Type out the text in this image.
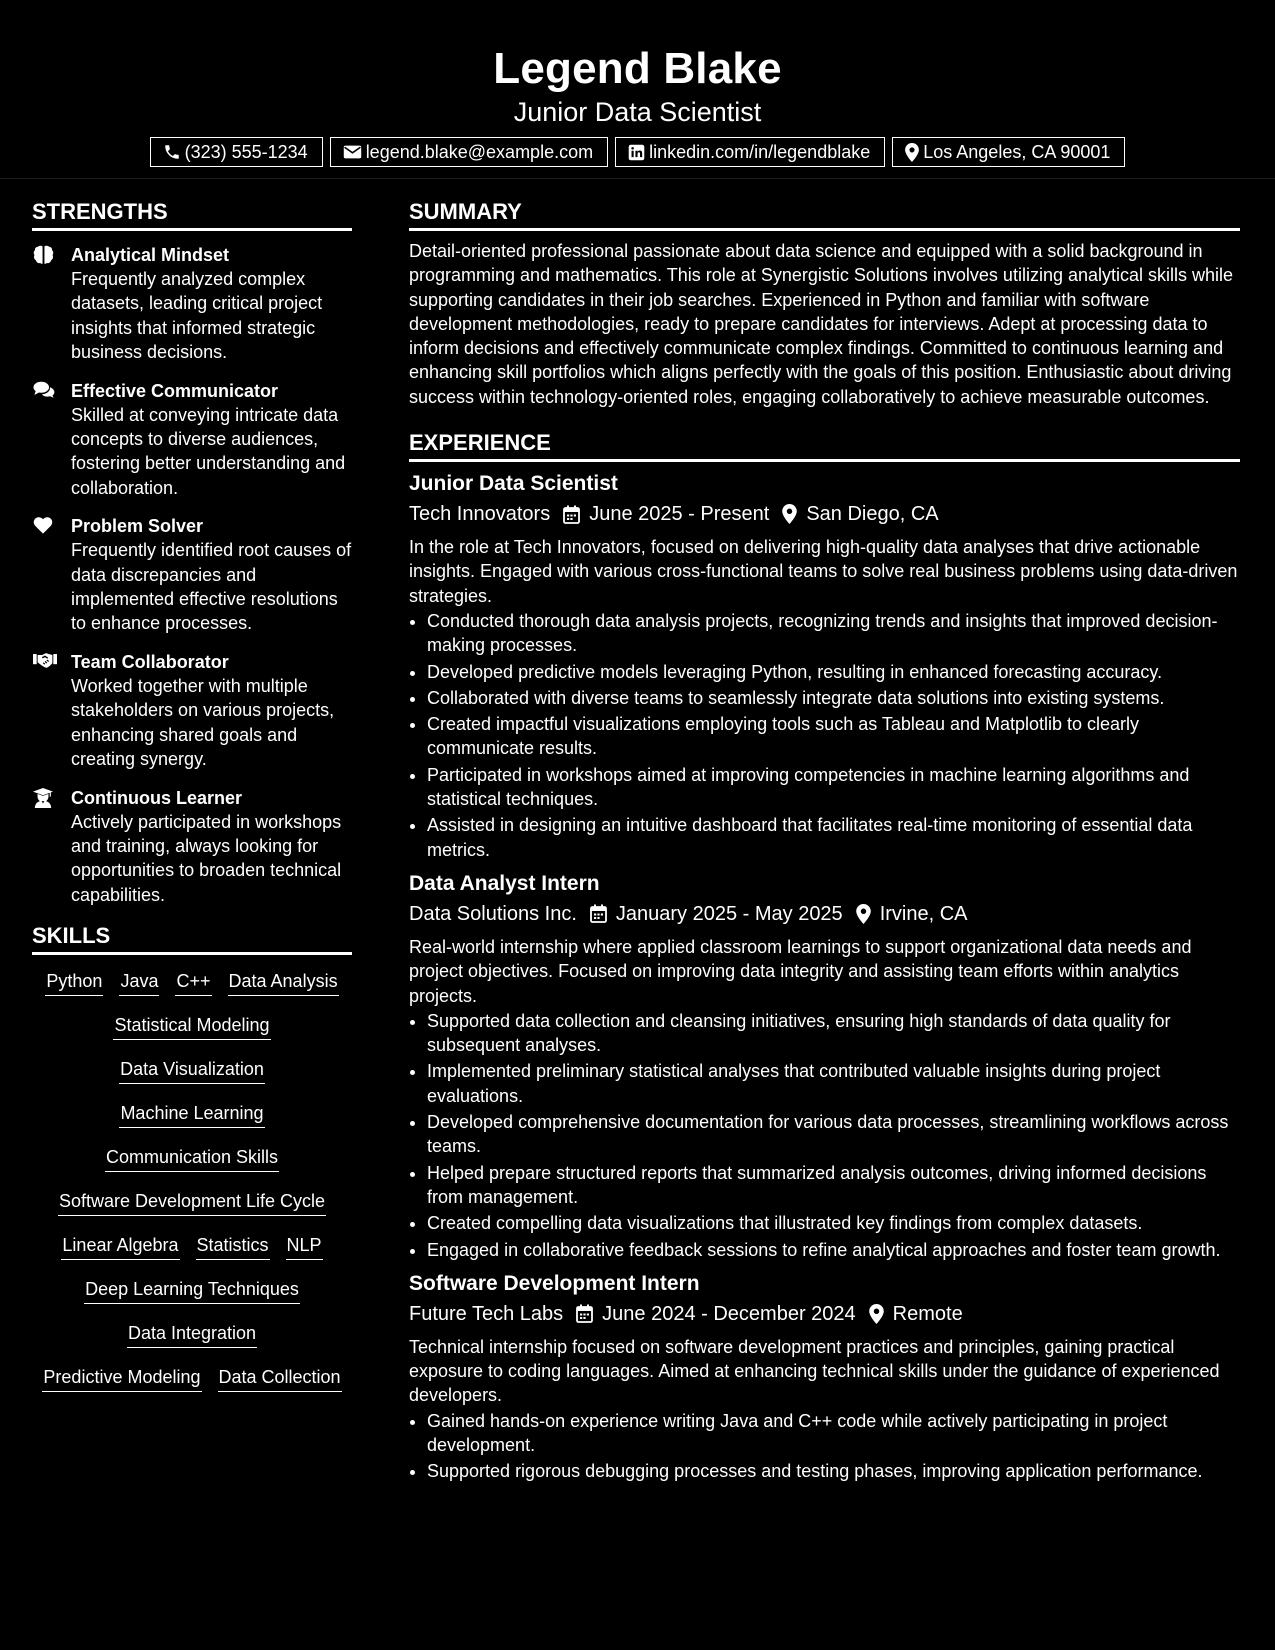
Legend Blake
Junior Data Scientist
(323) 555-1234	legend.blake@example.com	linkedin.com/in/legendblake	Los Angeles, CA 90001
STRENGTHS
Analytical Mindset
Frequently analyzed complex datasets, leading critical project insights that informed strategic business decisions.
Effective Communicator
Skilled at conveying intricate data concepts to diverse audiences, fostering better understanding and collaboration.
Problem Solver
Frequently identified root causes of data discrepancies and implemented effective resolutions to enhance processes.
Team Collaborator
Worked together with multiple stakeholders on various projects, enhancing shared goals and creating synergy.
Continuous Learner
Actively participated in workshops and training, always looking for opportunities to broaden technical capabilities.
SKILLS
Python Java C++ Data Analysis
Statistical Modeling
Data Visualization
Machine Learning
Communication Skills
Software Development Life Cycle
Linear Algebra Statistics NLP
Deep Learning Techniques
Data Integration
Predictive Modeling Data Collection
SUMMARY
Detail-oriented professional passionate about data science and equipped with a solid background in programming and mathematics. This role at Synergistic Solutions involves utilizing analytical skills while supporting candidates in their job searches. Experienced in Python and familiar with software development methodologies, ready to prepare candidates for interviews. Adept at processing data to inform decisions and effectively communicate complex findings. Committed to continuous learning and enhancing skill portfolios which aligns perfectly with the goals of this position. Enthusiastic about driving success within technology-oriented roles, engaging collaboratively to achieve measurable outcomes.
EXPERIENCE
Junior Data Scientist
Tech Innovators June 2025 - Present San Diego, CA
In the role at Tech Innovators, focused on delivering high-quality data analyses that drive actionable insights. Engaged with various cross-functional teams to solve real business problems using data-driven strategies.
• Conducted thorough data analysis projects, recognizing trends and insights that improved decision-making processes.
• Developed predictive models leveraging Python, resulting in enhanced forecasting accuracy.
• Collaborated with diverse teams to seamlessly integrate data solutions into existing systems.
• Created impactful visualizations employing tools such as Tableau and Matplotlib to clearly communicate results.
• Participated in workshops aimed at improving competencies in machine learning algorithms and statistical techniques.
• Assisted in designing an intuitive dashboard that facilitates real-time monitoring of essential data metrics.
Data Analyst Intern
Data Solutions Inc. January 2025 - May 2025 Irvine, CA
Real-world internship where applied classroom learnings to support organizational data needs and project objectives. Focused on improving data integrity and assisting team efforts within analytics projects.
• Supported data collection and cleansing initiatives, ensuring high standards of data quality for subsequent analyses.
• Implemented preliminary statistical analyses that contributed valuable insights during project evaluations.
• Developed comprehensive documentation for various data processes, streamlining workflows across teams.
• Helped prepare structured reports that summarized analysis outcomes, driving informed decisions from management.
• Created compelling data visualizations that illustrated key findings from complex datasets.
• Engaged in collaborative feedback sessions to refine analytical approaches and foster team growth.
Software Development Intern
Future Tech Labs June 2024 - December 2024 Remote
Technical internship focused on software development practices and principles, gaining practical exposure to coding languages. Aimed at enhancing technical skills under the guidance of experienced developers.
• Gained hands-on experience writing Java and C++ code while actively participating in project development.
• Supported rigorous debugging processes and testing phases, improving application performance.
